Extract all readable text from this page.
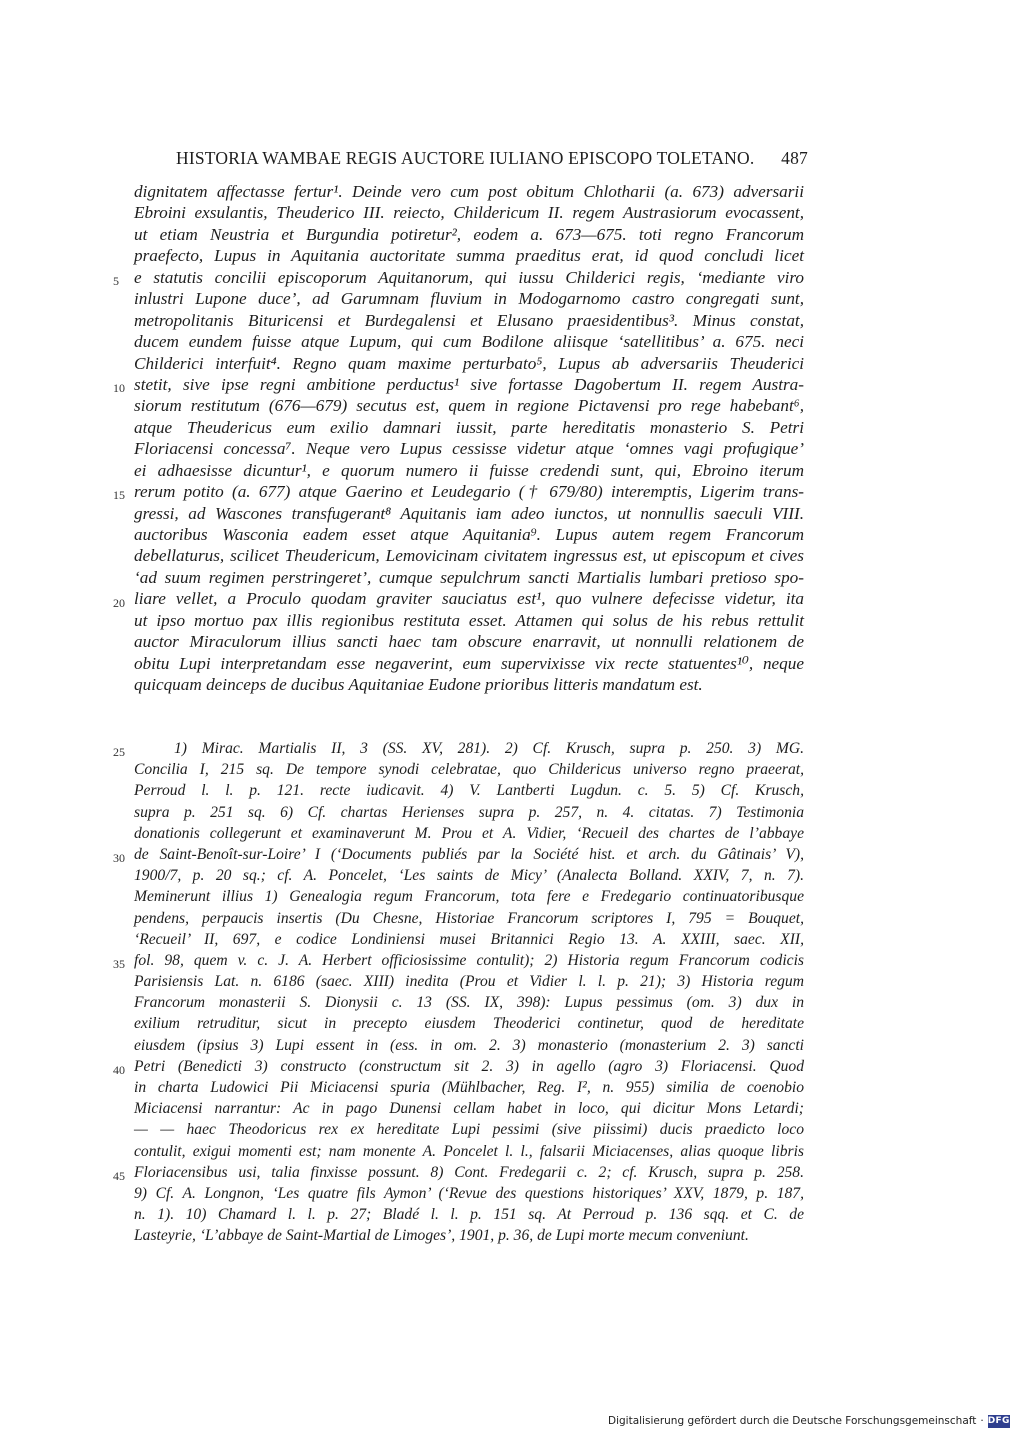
HISTORIA WAMBAE REGIS AUCTORE IULIANO EPISCOPO TOLETANO. 487
dignitatem affectasse fertur¹. Deinde vero cum post obitum Chlotharii (a. 673) adversarii
Ebroini exsulantis, Theuderico III. reiecto, Childericum II. regem Austrasiorum evocassent,
ut etiam Neustria et Burgundia potiretur², eodem a. 673—675. toti regno Francorum
praefecto, Lupus in Aquitania auctoritate summa praeditus erat, id quod concludi licet
e statutis concilii episcoporum Aquitanorum, qui iussu Childerici regis, ‘mediante viro
inlustri Lupone duce’, ad Garumnam fluvium in Modogarnomo castro congregati sunt,
metropolitanis Bituricensi et Burdegalensi et Elusano praesidentibus³. Minus constat,
ducem eundem fuisse atque Lupum, qui cum Bodilone aliisque ‘satellitibus’ a. 675. neci
Childerici interfuit⁴. Regno quam maxime perturbato⁵, Lupus ab adversariis Theuderici
stetit, sive ipse regni ambitione perductus¹ sive fortasse Dagobertum II. regem Austra-
siorum restitutum (676—679) secutus est, quem in regione Pictavensi pro rege habebant⁶,
atque Theudericus eum exilio damnari iussit, parte hereditatis monasterio S. Petri
Floriacensi concessa⁷. Neque vero Lupus cessisse videtur atque ‘omnes vagi profugique’
ei adhaesisse dicuntur¹, e quorum numero ii fuisse credendi sunt, qui, Ebroino iterum
rerum potito (a. 677) atque Gaerino et Leudegario († 679/80) interemptis, Ligerim trans-
gressi, ad Wascones transfugerant⁸ Aquitanis iam adeo iunctos, ut nonnullis saeculi VIII.
auctoribus Wasconia eadem esset atque Aquitania⁹. Lupus autem regem Francorum
debellaturus, scilicet Theudericum, Lemovicinam civitatem ingressus est, ut episcopum et cives
‘ad suum regimen perstringeret’, cumque sepulchrum sancti Martialis lumbari pretioso spo-
liare vellet, a Proculo quodam graviter sauciatus est¹, quo vulnere defecisse videtur, ita
ut ipso mortuo pax illis regionibus restituta esset. Attamen qui solus de his rebus rettulit
auctor Miraculorum illius sancti haec tam obscure enarravit, ut nonnulli relationem de
obitu Lupi interpretandam esse negaverint, eum supervixisse vix recte statuentes¹⁰, neque
quicquam deinceps de ducibus Aquitaniae Eudone prioribus litteris mandatum est.
5
10
15
20
1) Mirac. Martialis II, 3 (SS. XV, 281). 2) Cf. Krusch, supra p. 250. 3) MG.
Concilia I, 215 sq. De tempore synodi celebratae, quo Childericus universo regno praeerat,
Perroud l. l. p. 121. recte iudicavit. 4) V. Lantberti Lugdun. c. 5. 5) Cf. Krusch,
supra p. 251 sq. 6) Cf. chartas Herienses supra p. 257, n. 4. citatas. 7) Testimonia
donationis collegerunt et examinaverunt M. Prou et A. Vidier, ‘Recueil des chartes de l’abbaye
de Saint-Benoît-sur-Loire’ I (‘Documents publiés par la Société hist. et arch. du Gâtinais’ V),
1900/7, p. 20 sq.; cf. A. Poncelet, ‘Les saints de Micy’ (Analecta Bolland. XXIV, 7, n. 7).
Meminerunt illius 1) Genealogia regum Francorum, tota fere e Fredegario continuatoribusque
pendens, perpaucis insertis (Du Chesne, Historiae Francorum scriptores I, 795 = Bouquet,
‘Recueil’ II, 697, e codice Londiniensi musei Britannici Regio 13. A. XXIII, saec. XII,
fol. 98, quem v. c. J. A. Herbert officiosissime contulit); 2) Historia regum Francorum codicis
Parisiensis Lat. n. 6186 (saec. XIII) inedita (Prou et Vidier l. l. p. 21); 3) Historia regum
Francorum monasterii S. Dionysii c. 13 (SS. IX, 398): Lupus pessimus (om. 3) dux in
exilium retruditur, sicut in precepto eiusdem Theoderici continetur, quod de hereditate
eiusdem (ipsius 3) Lupi essent in (ess. in om. 2. 3) monasterio (monasterium 2. 3) sancti
Petri (Benedicti 3) constructo (constructum sit 2. 3) in agello (agro 3) Floriacensi. Quod
in charta Ludowici Pii Miciacensi spuria (Mühlbacher, Reg. I², n. 955) similia de coenobio
Miciacensi narrantur: Ac in pago Dunensi cellam habet in loco, qui dicitur Mons Letardi;
— — haec Theodoricus rex ex hereditate Lupi pessimi (sive piissimi) ducis praedicto loco
contulit, exigui momenti est; nam monente A. Poncelet l. l., falsarii Miciacenses, alias quoque libris
Floriacensibus usi, talia finxisse possunt. 8) Cont. Fredegarii c. 2; cf. Krusch, supra p. 258.
9) Cf. A. Longnon, ‘Les quatre fils Aymon’ (‘Revue des questions historiques’ XXV, 1879, p. 187,
n. 1). 10) Chamard l. l. p. 27; Bladé l. l. p. 151 sq. At Perroud p. 136 sqq. et C. de
Lasteyrie, ‘L’abbaye de Saint-Martial de Limoges’, 1901, p. 36, de Lupi morte mecum conveniunt.
25
30
35
40
45
Digitalisierung gefördert durch die Deutsche Forschungsgemeinschaft · DFG
